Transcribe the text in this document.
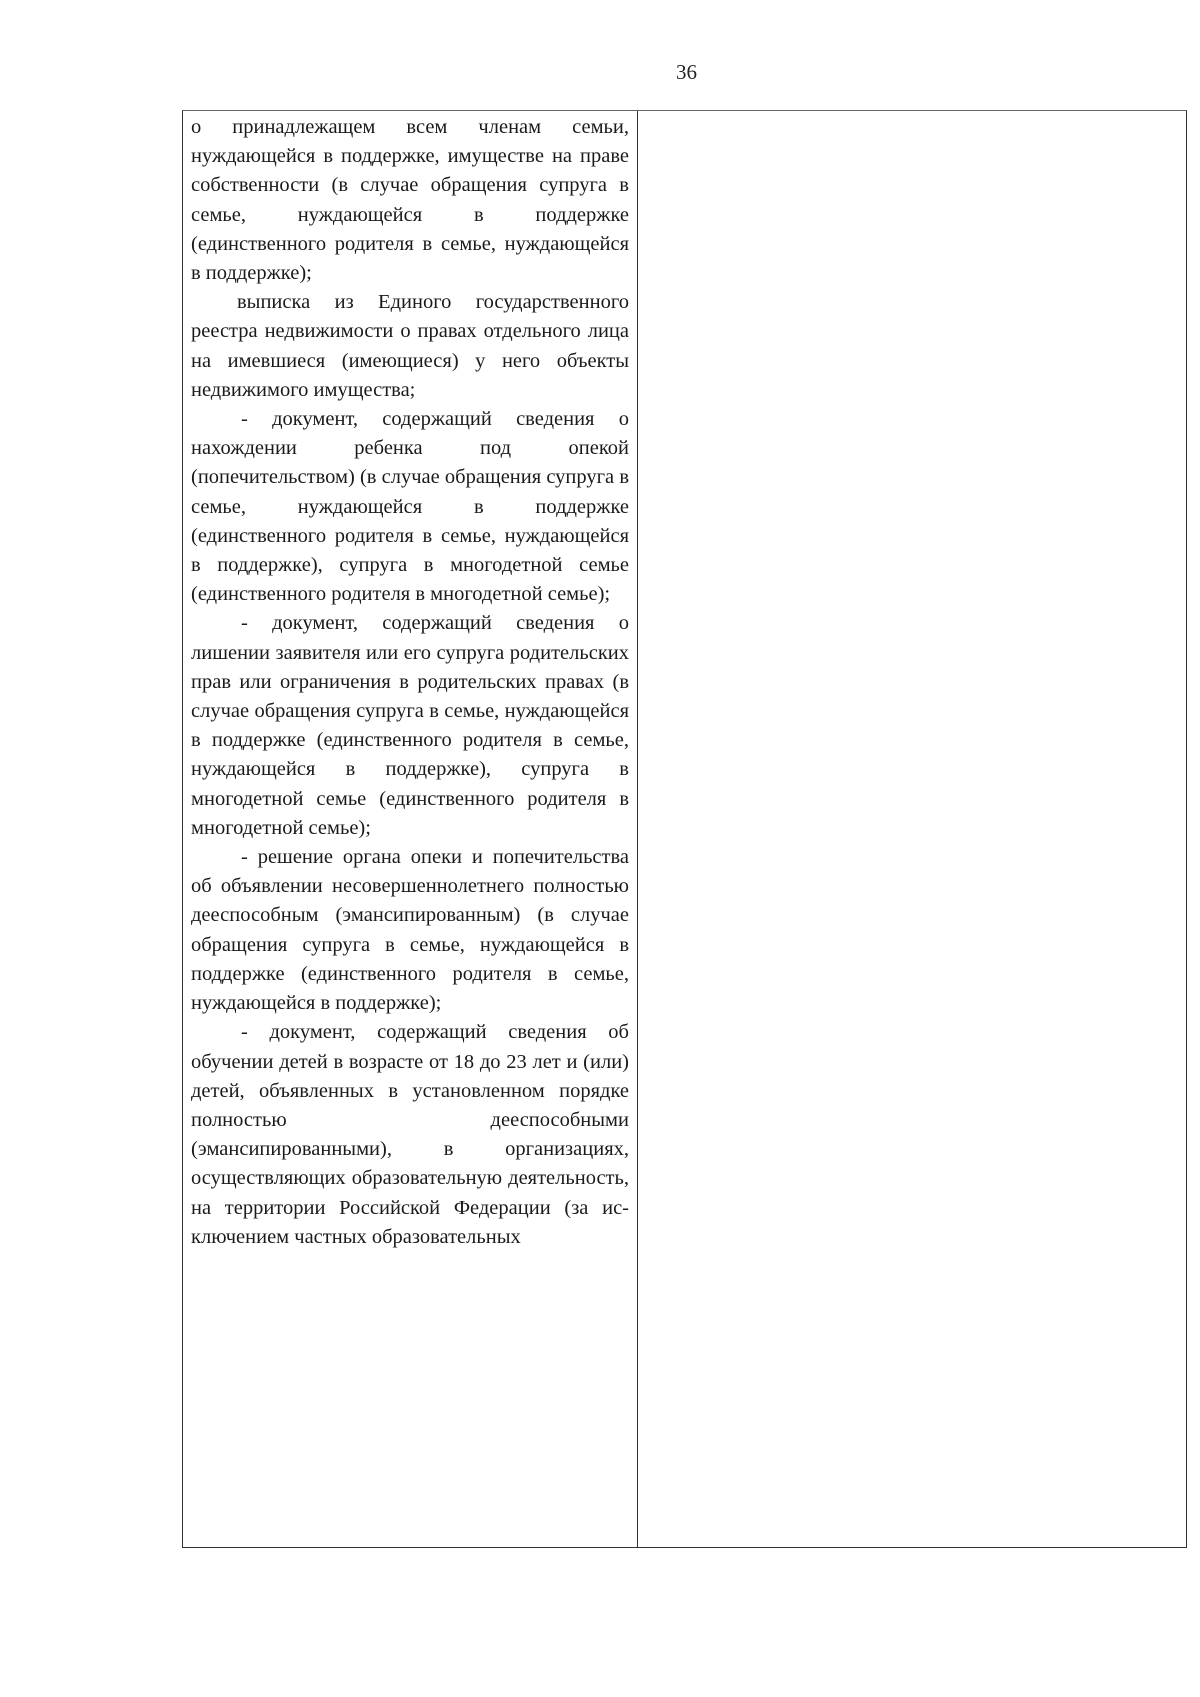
36

о принадлежащем всем членам семьи, нуждающейся в поддержке, имуществе на праве собственности (в случае обращения супруга в семье, нуждающейся в поддержке (единственного родителя в семье, нуждающейся в поддержке);

выписка из Единого государственного реестра недвижимости о правах отдельного лица на имевшиеся (имеющиеся) у него объекты недвижимого имущества;

- документ, содержащий сведения о нахождении ребенка под опекой (попечительством) (в случае обращения супруга в семье, нуждающейся в поддержке (единственного родителя в семье, нуждающейся в поддержке), супруга в многодетной семье (единственного родителя в многодетной семье);

- документ, содержащий сведения о лишении заявителя или его супруга родительских прав или ограничения в родительских правах (в случае обращения супруга в семье, нуждающейся в поддержке (единственного родителя в семье, нуждающейся в поддержке), супруга в многодетной семье (единственного родителя в многодетной семье);

- решение органа опеки и попечительства об объявлении несовершеннолетнего полностью дееспособным (эмансипированным) (в случае обращения супруга в семье, нуждающейся в поддержке (единственного родителя в семье, нуждающейся в поддержке);

- документ, содержащий сведения об обучении детей в возрасте от 18 до 23 лет и (или) детей, объявленных в установленном порядке полностью дееспособными (эмансипированными), в организациях, осуществляющих образовательную деятельность, на территории Российской Федерации (за исключением частных образовательных
